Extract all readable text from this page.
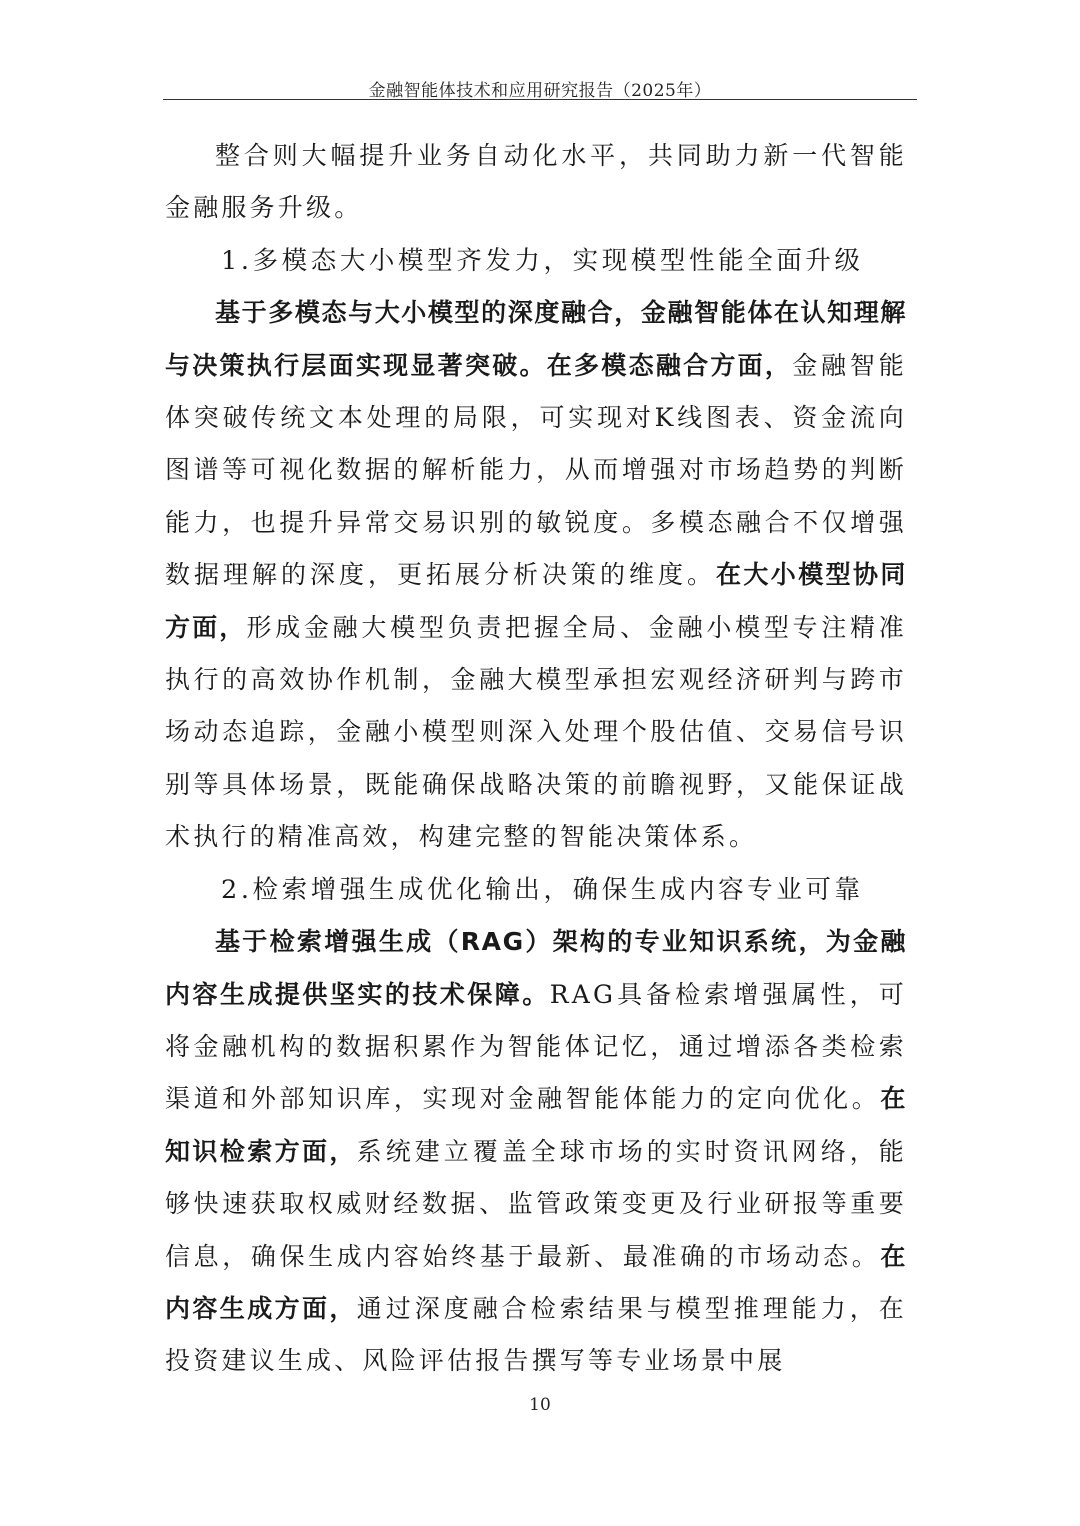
金融智能体技术和应用研究报告（2025年）

整合则大幅提升业务自动化水平，共同助力新一代智能金融服务升级。

1.多模态大小模型齐发力，实现模型性能全面升级

基于多模态与大小模型的深度融合，金融智能体在认知理解与决策执行层面实现显著突破。在多模态融合方面，金融智能体突破传统文本处理的局限，可实现对K线图表、资金流向图谱等可视化数据的解析能力，从而增强对市场趋势的判断能力，也提升异常交易识别的敏锐度。多模态融合不仅增强数据理解的深度，更拓展分析决策的维度。在大小模型协同方面，形成金融大模型负责把握全局、金融小模型专注精准执行的高效协作机制，金融大模型承担宏观经济研判与跨市场动态追踪，金融小模型则深入处理个股估值、交易信号识别等具体场景，既能确保战略决策的前瞻视野，又能保证战术执行的精准高效，构建完整的智能决策体系。

2.检索增强生成优化输出，确保生成内容专业可靠

基于检索增强生成（RAG）架构的专业知识系统，为金融内容生成提供坚实的技术保障。RAG具备检索增强属性，可将金融机构的数据积累作为智能体记忆，通过增添各类检索渠道和外部知识库，实现对金融智能体能力的定向优化。在知识检索方面，系统建立覆盖全球市场的实时资讯网络，能够快速获取权威财经数据、监管政策变更及行业研报等重要信息，确保生成内容始终基于最新、最准确的市场动态。在内容生成方面，通过深度融合检索结果与模型推理能力，在投资建议生成、风险评估报告撰写等专业场景中展

10
